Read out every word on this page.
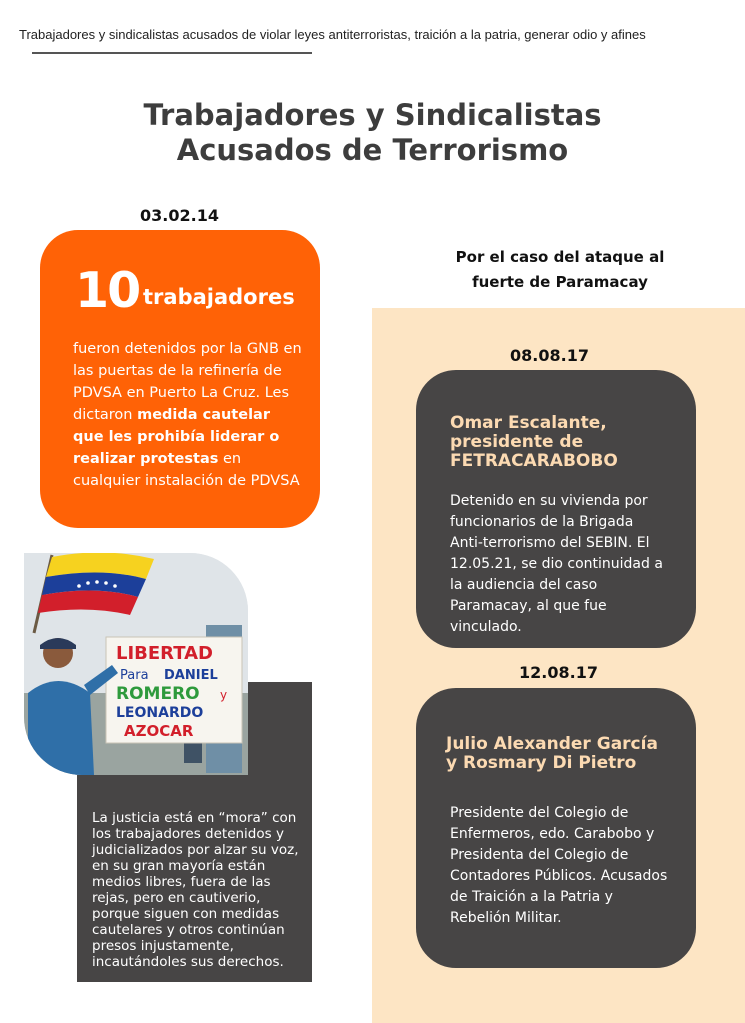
Trabajadores y sindicalistas acusados de violar leyes antiterroristas, traición a la patria, generar odio y afines
Trabajadores y Sindicalistas
Acusados de Terrorismo
03.02.14
10 trabajadores
fueron detenidos por la GNB en las puertas de la refinería de PDVSA en Puerto La Cruz. Les dictaron medida cautelar que les prohibía liderar o realizar protestas en cualquier instalación de PDVSA
La justicia está en “mora” con los trabajadores detenidos y judicializados por alzar su voz, en su gran mayoría están medios libres, fuera de las rejas, pero en cautiverio, porque siguen con medidas cautelares y otros continúan presos injustamente, incautándoles sus derechos.
LIBERTAD
Para DANIEL
ROMERO y
LEONARDO
AZOCAR
Por el caso del ataque al
fuerte de Paramacay
08.08.17
Omar Escalante,
presidente de
FETRACARABOBO
Detenido en su vivienda por funcionarios de la Brigada Anti-terrorismo del SEBIN. El 12.05.21, se dio continuidad a la audiencia del caso Paramacay, al que fue vinculado.
12.08.17
Julio Alexander García
y Rosmary Di Pietro
Presidente del Colegio de Enfermeros, edo. Carabobo y Presidenta del Colegio de Contadores Públicos. Acusados de Traición a la Patria y Rebelión Militar.
